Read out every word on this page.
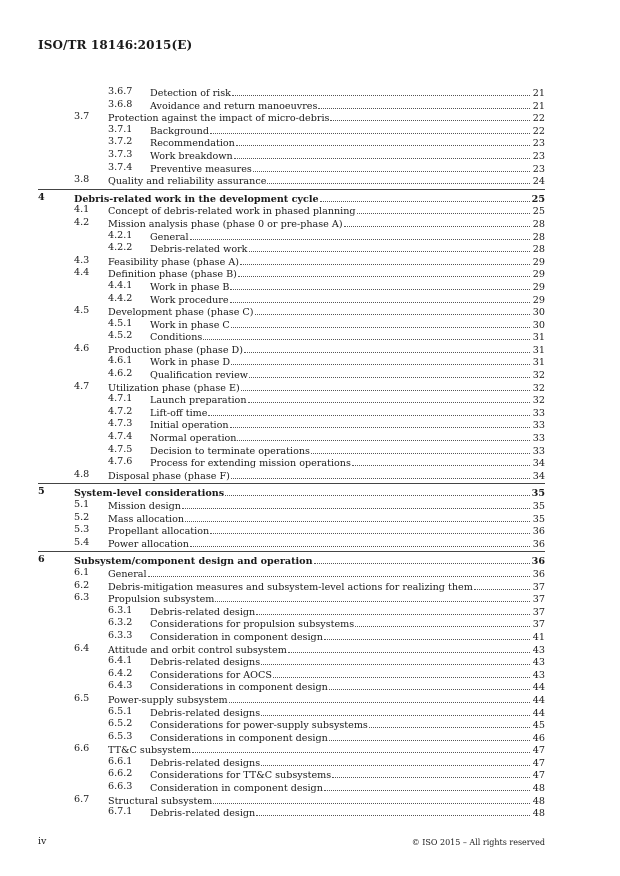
ISO/TR 18146:2015(E)
3.6.7 Detection of risk	21
3.6.8 Avoidance and return manoeuvres	21
3.7 Protection against the impact of micro-debris	22
3.7.1 Background	22
3.7.2 Recommendation	23
3.7.3 Work breakdown	23
3.7.4 Preventive measures	23
3.8 Quality and reliability assurance	24
4	Debris-related work in the development cycle	25
4.1 Concept of debris-related work in phased planning	25
4.2 Mission analysis phase (phase 0 or pre-phase A)	28
4.2.1 General	28
4.2.2 Debris-related work	28
4.3 Feasibility phase (phase A)	29
4.4 Definition phase (phase B)	29
4.4.1 Work in phase B	29
4.4.2 Work procedure	29
4.5 Development phase (phase C)	30
4.5.1 Work in phase C	30
4.5.2 Conditions	31
4.6 Production phase (phase D)	31
4.6.1 Work in phase D	31
4.6.2 Qualification review	32
4.7 Utilization phase (phase E)	32
4.7.1 Launch preparation	32
4.7.2 Lift-off time	33
4.7.3 Initial operation	33
4.7.4 Normal operation	33
4.7.5 Decision to terminate operations	33
4.7.6 Process for extending mission operations	34
4.8 Disposal phase (phase F)	34
5	System-level considerations	35
5.1 Mission design	35
5.2 Mass allocation	35
5.3 Propellant allocation	36
5.4 Power allocation	36
6	Subsystem/component design and operation	36
6.1 General	36
6.2 Debris-mitigation measures and subsystem-level actions for realizing them	37
6.3 Propulsion subsystem	37
6.3.1 Debris-related design	37
6.3.2 Considerations for propulsion subsystems	37
6.3.3 Consideration in component design	41
6.4 Attitude and orbit control subsystem	43
6.4.1 Debris-related designs	43
6.4.2 Considerations for AOCS	43
6.4.3 Considerations in component design	44
6.5 Power-supply subsystem	44
6.5.1 Debris-related designs	44
6.5.2 Considerations for power-supply subsystems	45
6.5.3 Considerations in component design	46
6.6 TT&C subsystem	47
6.6.1 Debris-related designs	47
6.6.2 Considerations for TT&C subsystems	47
6.6.3 Consideration in component design	48
6.7 Structural subsystem	48
6.7.1 Debris-related design	48
iv	© ISO 2015 – All rights reserved
